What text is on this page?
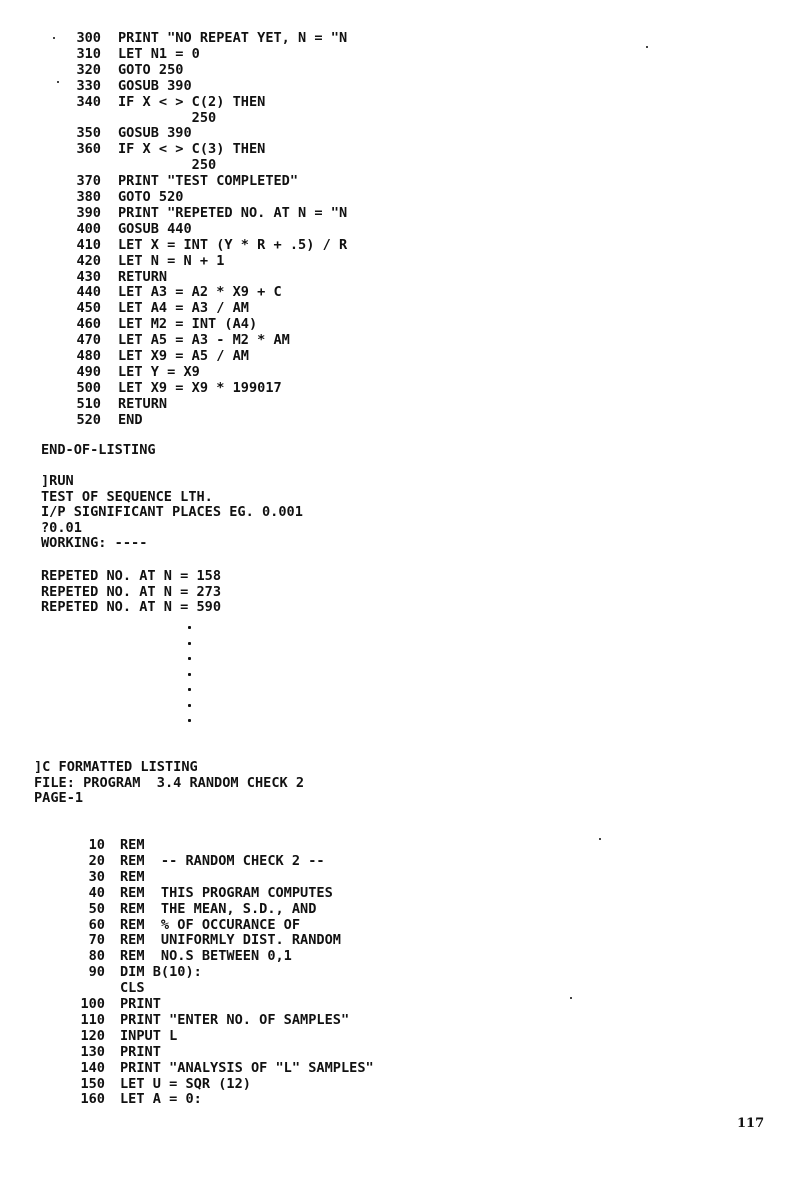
300 PRINT "NO REPEAT YET, N = "N
310 LET N1 = 0
320 GOTO 250
330 GOSUB 390
340 IF X < > C(2) THEN
250
350 GOSUB 390
360 IF X < > C(3) THEN
250
370 PRINT "TEST COMPLETED"
380 GOTO 520
390 PRINT "REPETED NO. AT N = "N
400 GOSUB 440
410 LET X = INT (Y * R + .5) / R
420 LET N = N + 1
430 RETURN
440 LET A3 = A2 * X9 + C
450 LET A4 = A3 / AM
460 LET M2 = INT (A4)
470 LET A5 = A3 - M2 * AM
480 LET X9 = A5 / AM
490 LET Y = X9
500 LET X9 = X9 * 199017
510 RETURN
520 END
END-OF-LISTING
]RUN
TEST OF SEQUENCE LTH.
I/P SIGNIFICANT PLACES EG. 0.001
?0.01
WORKING: ----
REPETED NO. AT N = 158
REPETED NO. AT N = 273
REPETED NO. AT N = 590
]C FORMATTED LISTING
FILE: PROGRAM  3.4 RANDOM CHECK 2
PAGE-1
10 REM
20 REM  -- RANDOM CHECK 2 --
30 REM
40 REM  THIS PROGRAM COMPUTES
50 REM  THE MEAN, S.D., AND
60 REM  % OF OCCURANCE OF
70 REM  UNIFORMLY DIST. RANDOM
80 REM  NO.S BETWEEN 0,1
90 DIM B(10):
CLS
100 PRINT
110 PRINT "ENTER NO. OF SAMPLES"
120 INPUT L
130 PRINT
140 PRINT "ANALYSIS OF "L" SAMPLES"
150 LET U = SQR (12)
160 LET A = 0:
117
